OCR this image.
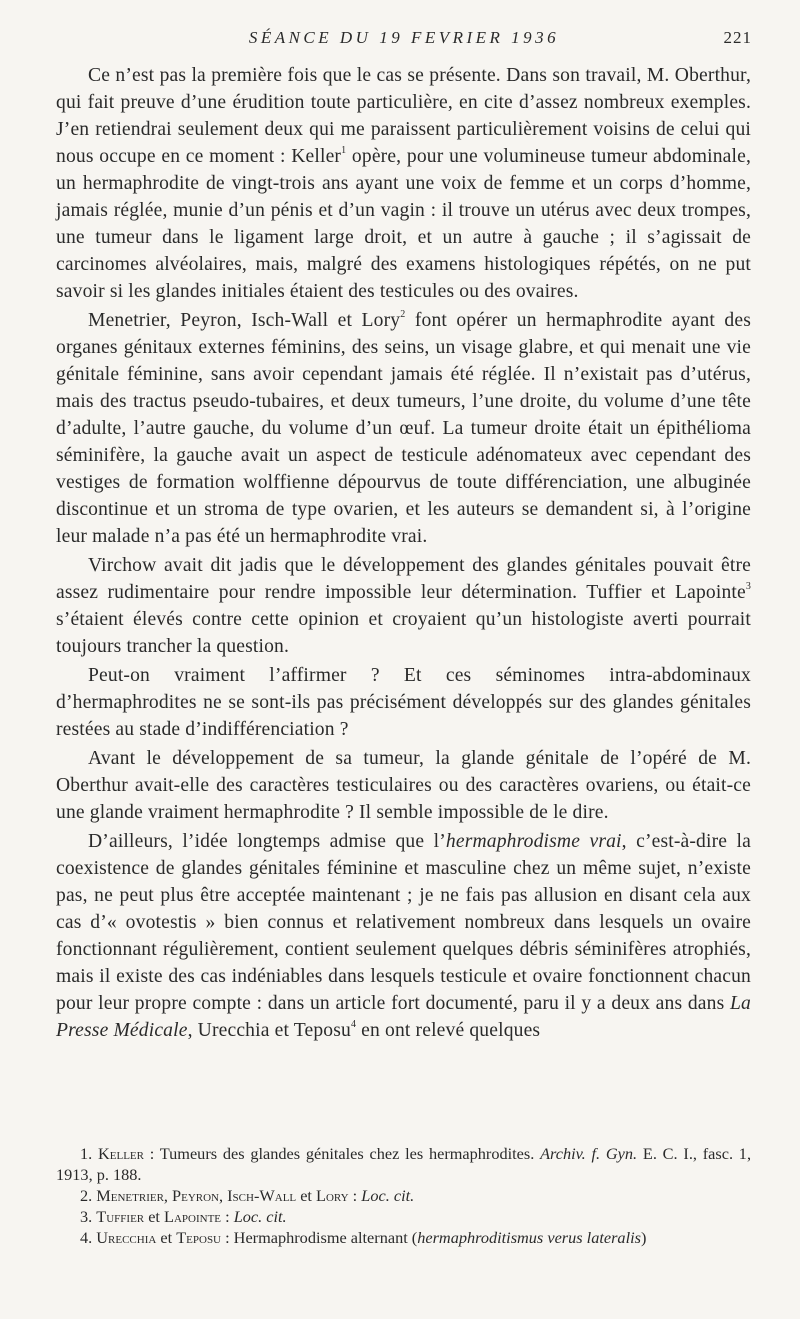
SÉANCE DU 19 FEVRIER 1936	221

Ce n’est pas la première fois que le cas se présente. Dans son travail, M. Oberthur, qui fait preuve d’une érudition toute particulière, en cite d’assez nombreux exemples. J’en retiendrai seulement deux qui me paraissent particulièrement voisins de celui qui nous occupe en ce moment : Keller$^1$ opère, pour une volumineuse tumeur abdominale, un hermaphrodite de vingt-trois ans ayant une voix de femme et un corps d’homme, jamais réglée, munie d’un pénis et d’un vagin : il trouve un utérus avec deux trompes, une tumeur dans le ligament large droit, et un autre à gauche ; il s’agissait de carcinomes alvéolaires, mais, malgré des examens histologiques répétés, on ne put savoir si les glandes initiales étaient des testicules ou des ovaires.

Menetrier, Peyron, Isch-Wall et Lory$^2$ font opérer un hermaphrodite ayant des organes génitaux externes féminins, des seins, un visage glabre, et qui menait une vie génitale féminine, sans avoir cependant jamais été réglée. Il n’existait pas d’utérus, mais des tractus pseudo-tubaires, et deux tumeurs, l’une droite, du volume d’une tête d’adulte, l’autre gauche, du volume d’un œuf. La tumeur droite était un épithélioma séminifère, la gauche avait un aspect de testicule adénomateux avec cependant des vestiges de formation wolffienne dépourvus de toute différenciation, une albuginée discontinue et un stroma de type ovarien, et les auteurs se demandent si, à l’origine leur malade n’a pas été un hermaphrodite vrai.

Virchow avait dit jadis que le développement des glandes génitales pouvait être assez rudimentaire pour rendre impossible leur détermination. Tuffier et Lapointe$^3$ s’étaient élevés contre cette opinion et croyaient qu’un histologiste averti pourrait toujours trancher la question.

Peut-on vraiment l’affirmer ? Et ces séminomes intra-abdominaux d’hermaphrodites ne se sont-ils pas précisément développés sur des glandes génitales restées au stade d’indifférenciation ?

Avant le développement de sa tumeur, la glande génitale de l’opéré de M. Oberthur avait-elle des caractères testiculaires ou des caractères ovariens, ou était-ce une glande vraiment hermaphrodite ? Il semble impossible de le dire.

D’ailleurs, l’idée longtemps admise que l’hermaphrodisme vrai, c’est-à-dire la coexistence de glandes génitales féminine et masculine chez un même sujet, n’existe pas, ne peut plus être acceptée maintenant ; je ne fais pas allusion en disant cela aux cas d’« ovotestis » bien connus et relativement nombreux dans lesquels un ovaire fonctionnant régulièrement, contient seulement quelques débris séminifères atrophiés, mais il existe des cas indéniables dans lesquels testicule et ovaire fonctionnent chacun pour leur propre compte : dans un article fort documenté, paru il y a deux ans dans La Presse Médicale, Urecchia et Teposu$^4$ en ont relevé quelques

1. Keller : Tumeurs des glandes génitales chez les hermaphrodites. Archiv. f. Gyn. E. C. I., fasc. 1, 1913, p. 188.
2. Menetrier, Peyron, Isch-Wall et Lory : Loc. cit.
3. Tuffier et Lapointe : Loc. cit.
4. Urecchia et Teposu : Hermaphrodisme alternant (hermaphroditismus verus lateralis)
